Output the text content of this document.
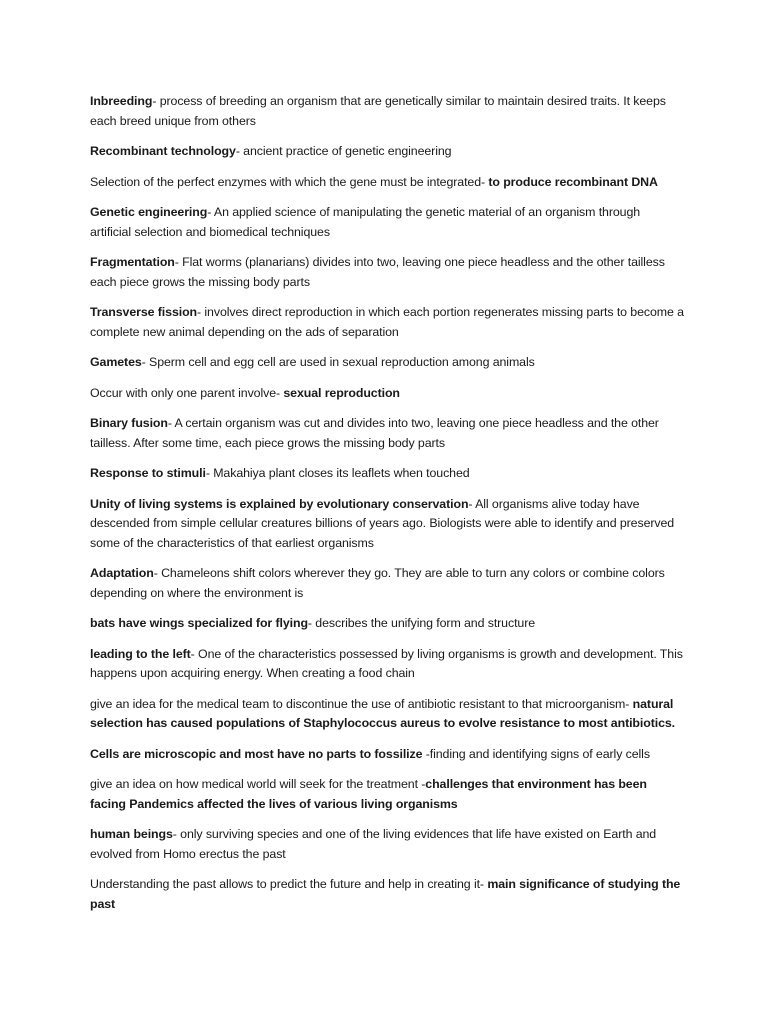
Inbreeding- process of breeding an organism that are genetically similar to maintain desired traits. It keeps each breed unique from others

Recombinant technology- ancient practice of genetic engineering

Selection of the perfect enzymes with which the gene must be integrated- to produce recombinant DNA

Genetic engineering- An applied science of manipulating the genetic material of an organism through artificial selection and biomedical techniques

Fragmentation- Flat worms (planarians) divides into two, leaving one piece headless and the other tailless each piece grows the missing body parts

Transverse fission- involves direct reproduction in which each portion regenerates missing parts to become a complete new animal depending on the ads of separation

Gametes- Sperm cell and egg cell are used in sexual reproduction among animals

Occur with only one parent involve- sexual reproduction

Binary fusion- A certain organism was cut and divides into two, leaving one piece headless and the other tailless. After some time, each piece grows the missing body parts

Response to stimuli- Makahiya plant closes its leaflets when touched

Unity of living systems is explained by evolutionary conservation- All organisms alive today have descended from simple cellular creatures billions of years ago. Biologists were able to identify and preserved some of the characteristics of that earliest organisms

Adaptation- Chameleons shift colors wherever they go. They are able to turn any colors or combine colors depending on where the environment is

bats have wings specialized for flying- describes the unifying form and structure

leading to the left- One of the characteristics possessed by living organisms is growth and development. This happens upon acquiring energy. When creating a food chain

give an idea for the medical team to discontinue the use of antibiotic resistant to that microorganism- natural selection has caused populations of Staphylococcus aureus to evolve resistance to most antibiotics.

Cells are microscopic and most have no parts to fossilize -finding and identifying signs of early cells

give an idea on how medical world will seek for the treatment -challenges that environment has been facing Pandemics affected the lives of various living organisms

human beings- only surviving species and one of the living evidences that life have existed on Earth and evolved from Homo erectus the past

Understanding the past allows to predict the future and help in creating it- main significance of studying the past
